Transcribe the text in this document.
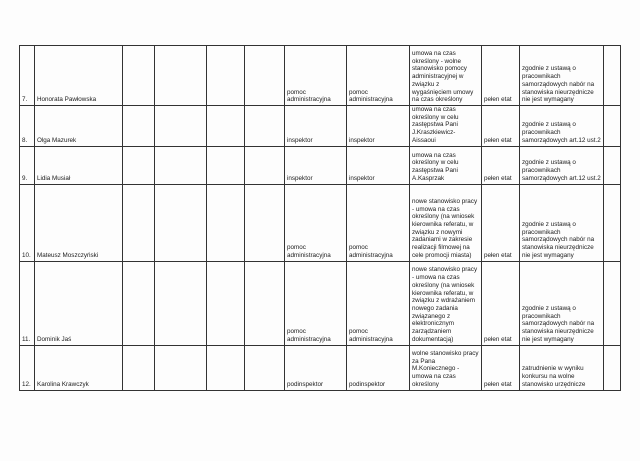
7.	Honorata Pawłowska					pomoc administracyjna	pomoc administracyjna	umowa na czas określony - wolne stanowisko pomocy administracyjnej w związku z wygaśnięciem umowy na czas określony	pełen etat	zgodnie z ustawą o pracownikach samorządowych nabór na stanowiska nieurzędnicze nie jest wymagany	
8.	Olga Mazurek					inspektor	inspektor	umowa na czas określony w celu zastępstwa Pani J.Kraszkiewicz-Aissaoui	pełen etat	zgodnie z ustawą o pracownikach samorządowych art.12 ust.2	
9.	Lidia Musiał					inspektor	inspektor	umowa na czas określony w celu zastępstwa Pani A.Kasprzak	pełen etat	zgodnie z ustawą o pracownikach samorządowych art.12 ust.2	
10.	Mateusz Moszczyński					pomoc administracyjna	pomoc administracyjna	nowe stanowisko pracy - umowa na czas określony (na wniosek kierownika referatu, w związku z nowymi zadaniami w zakresie realizacji filmowej na cele promocji miasta)	pełen etat	zgodnie z ustawą o pracownikach samorządowych nabór na stanowiska nieurzędnicze nie jest wymagany	
11.	Dominik Jaś					pomoc administracyjna	pomoc administracyjna	nowe stanowisko pracy - umowa na czas określony (na wniosek kierownika referatu, w związku z wdrażaniem nowego zadania związanego z elektronicznym zarządzaniem dokumentacją)	pełen etat	zgodnie z ustawą o pracownikach samorządowych nabór na stanowiska nieurzędnicze nie jest wymagany	
12.	Karolina Krawczyk					podinspektor	podinspektor	wolne stanowisko pracy za Pana M.Koniecznego - umowa na czas określony	pełen etat	zatrudnienie w wyniku konkursu na wolne stanowisko urzędnicze	
